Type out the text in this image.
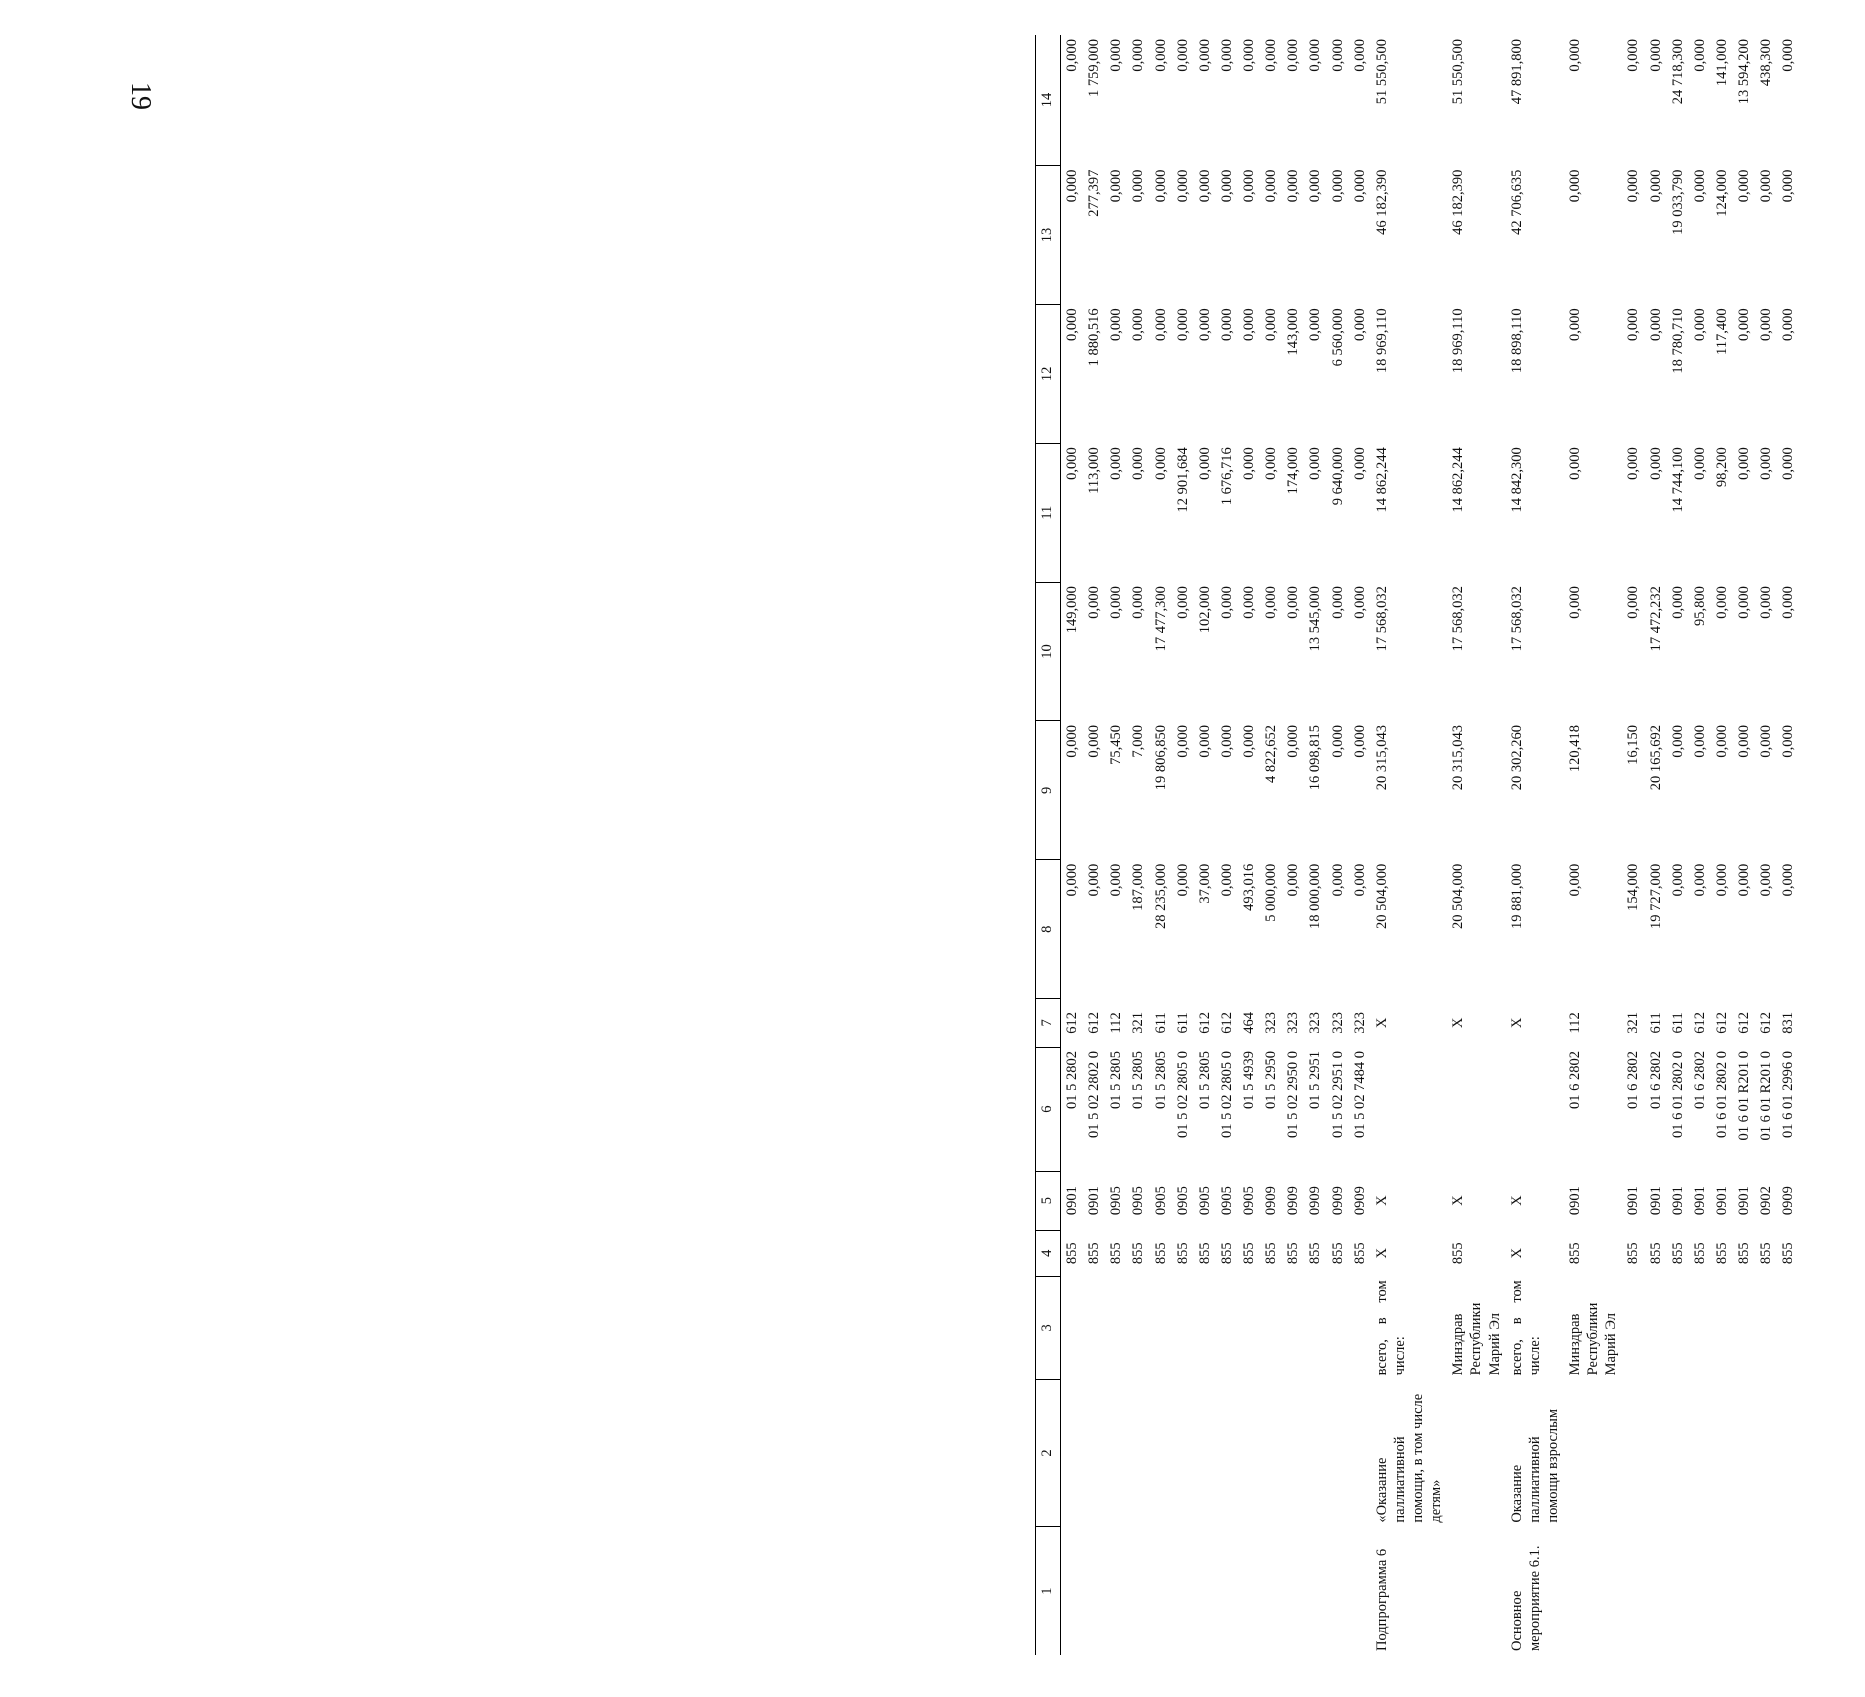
19
1	2	3	4	5	6	7	8	9	10	11	12	13	14
			855	0901	01 5 2802	612	0,000	0,000	149,000	0,000	0,000	0,000	0,000
			855	0901	01 5 02 2802 0	612	0,000	0,000	0,000	113,000	1 880,516	277,397	1 759,000
			855	0905	01 5 2805	112	0,000	75,450	0,000	0,000	0,000	0,000	0,000
			855	0905	01 5 2805	321	187,000	7,000	0,000	0,000	0,000	0,000	0,000
			855	0905	01 5 2805	611	28 235,000	19 806,850	17 477,300	0,000	0,000	0,000	0,000
			855	0905	01 5 02 2805 0	611	0,000	0,000	0,000	12 901,684	0,000	0,000	0,000
			855	0905	01 5 2805	612	37,000	0,000	102,000	0,000	0,000	0,000	0,000
			855	0905	01 5 02 2805 0	612	0,000	0,000	0,000	1 676,716	0,000	0,000	0,000
			855	0905	01 5 4939	464	493,016	0,000	0,000	0,000	0,000	0,000	0,000
			855	0909	01 5 2950	323	5 000,000	4 822,652	0,000	0,000	0,000	0,000	0,000
			855	0909	01 5 02 2950 0	323	0,000	0,000	0,000	174,000	143,000	0,000	0,000
			855	0909	01 5 2951	323	18 000,000	16 098,815	13 545,000	0,000	0,000	0,000	0,000
			855	0909	01 5 02 2951 0	323	0,000	0,000	0,000	9 640,000	6 560,000	0,000	0,000
			855	0909	01 5 02 7484 0	323	0,000	0,000	0,000	0,000	0,000	0,000	0,000
Подпрограмма 6	«Оказание паллиативной помощи, в том числе детям»	всего, в том числе:	X	X		X	20 504,000	20 315,043	17 568,032	14 862,244	18 969,110	46 182,390	51 550,500
		Минздрав Республики Марий Эл	855	X		X	20 504,000	20 315,043	17 568,032	14 862,244	18 969,110	46 182,390	51 550,500
Основное мероприятие 6.1.	Оказание паллиативной помощи взрослым	всего, в том числе:	X	X		X	19 881,000	20 302,260	17 568,032	14 842,300	18 898,110	42 706,635	47 891,800
		Минздрав Республики Марий Эл	855	0901	01 6 2802	112	0,000	120,418	0,000	0,000	0,000	0,000	0,000
			855	0901	01 6 2802	321	154,000	16,150	0,000	0,000	0,000	0,000	0,000
			855	0901	01 6 2802	611	19 727,000	20 165,692	17 472,232	0,000	0,000	0,000	0,000
			855	0901	01 6 01 2802 0	611	0,000	0,000	0,000	14 744,100	18 780,710	19 033,790	24 718,300
			855	0901	01 6 2802	612	0,000	0,000	95,800	0,000	0,000	0,000	0,000
			855	0901	01 6 01 2802 0	612	0,000	0,000	0,000	98,200	117,400	124,000	141,000
			855	0901	01 6 01 R201 0	612	0,000	0,000	0,000	0,000	0,000	0,000	13 594,200
			855	0902	01 6 01 R201 0	612	0,000	0,000	0,000	0,000	0,000	0,000	438,300
			855	0909	01 6 01 2996 0	831	0,000	0,000	0,000	0,000	0,000	0,000	0,000
